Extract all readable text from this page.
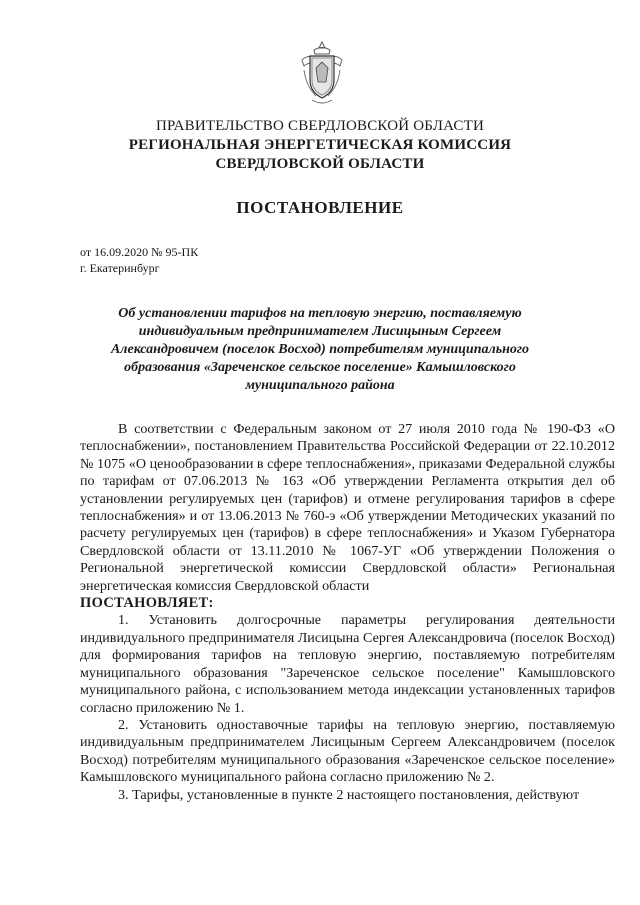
ПРАВИТЕЛЬСТВО СВЕРДЛОВСКОЙ ОБЛАСТИ
РЕГИОНАЛЬНАЯ ЭНЕРГЕТИЧЕСКАЯ КОМИССИЯ
СВЕРДЛОВСКОЙ ОБЛАСТИ
ПОСТАНОВЛЕНИЕ
от 16.09.2020 № 95-ПК
г. Екатеринбург
Об установлении тарифов на тепловую энергию, поставляемую индивидуальным предпринимателем Лисицыным Сергеем Александровичем (поселок Восход) потребителям муниципального образования «Зареченское сельское поселение» Камышловского муниципального района

В соответствии с Федеральным законом от 27 июля 2010 года № 190-ФЗ «О теплоснабжении», постановлением Правительства Российской Федерации от 22.10.2012 № 1075 «О ценообразовании в сфере теплоснабжения», приказами Федеральной службы по тарифам от 07.06.2013 № 163 «Об утверждении Регламента открытия дел об установлении регулируемых цен (тарифов) и отмене регулирования тарифов в сфере теплоснабжения» и от 13.06.2013 № 760-э «Об утверждении Методических указаний по расчету регулируемых цен (тарифов) в сфере теплоснабжения» и Указом Губернатора Свердловской области от 13.11.2010 № 1067-УГ «Об утверждении Положения о Региональной энергетической комиссии Свердловской области» Региональная энергетическая комиссия Свердловской области

ПОСТАНОВЛЯЕТ:

1. Установить долгосрочные параметры регулирования деятельности индивидуального предпринимателя Лисицына Сергея Александровича (поселок Восход) для формирования тарифов на тепловую энергию, поставляемую потребителям муниципального образования "Зареченское сельское поселение" Камышловского муниципального района, с использованием метода индексации установленных тарифов согласно приложению № 1.

2. Установить одноставочные тарифы на тепловую энергию, поставляемую индивидуальным предпринимателем Лисицыным Сергеем Александровичем (поселок Восход) потребителям муниципального образования «Зареченское сельское поселение» Камышловского муниципального района согласно приложению № 2.

3. Тарифы, установленные в пункте 2 настоящего постановления, действуют
